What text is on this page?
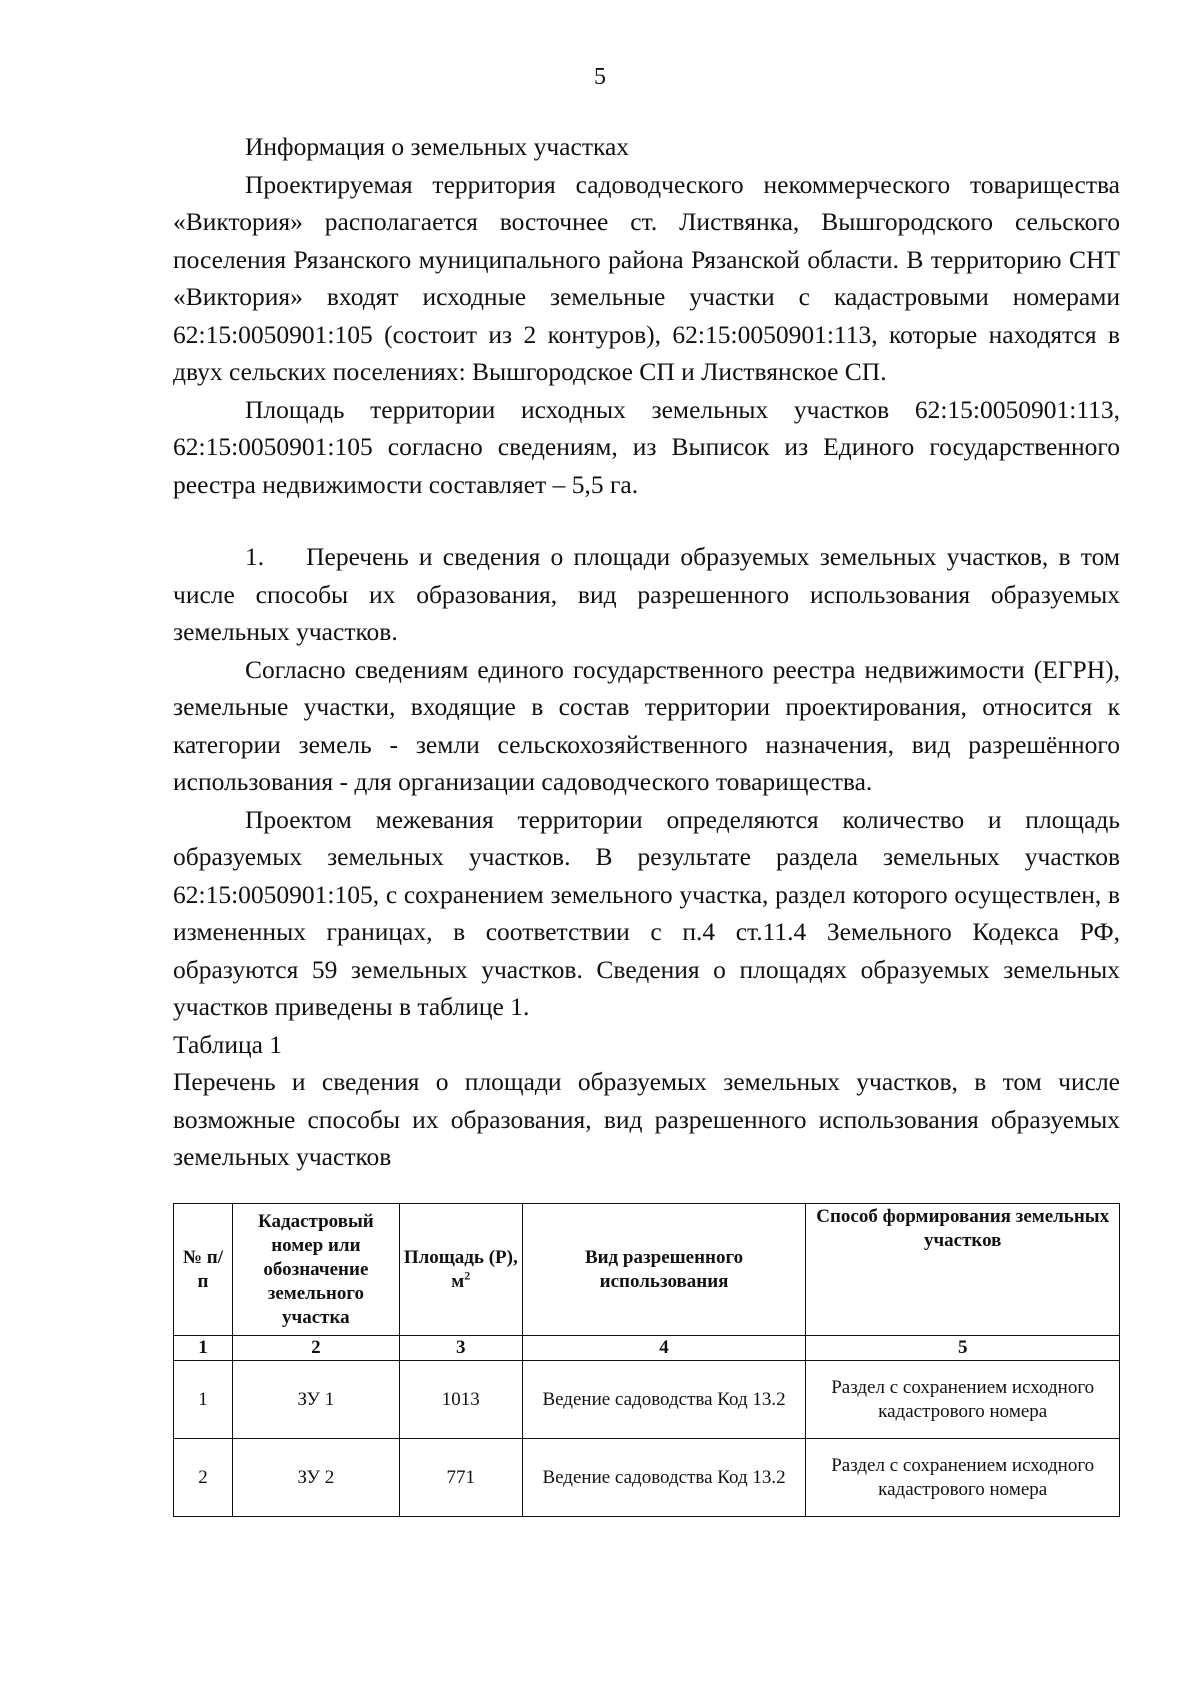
5

Информация о земельных участках

Проектируемая территория садоводческого некоммерческого товарищества «Виктория» располагается восточнее ст. Листвянка, Вышгородского сельского поселения Рязанского муниципального района Рязанской области. В территорию СНТ «Виктория» входят исходные земельные участки с кадастровыми номерами 62:15:0050901:105 (состоит из 2 контуров), 62:15:0050901:113, которые находятся в двух сельских поселениях: Вышгородское СП и Листвянское СП.

Площадь территории исходных земельных участков 62:15:0050901:113, 62:15:0050901:105 согласно сведениям, из Выписок из Единого государственного реестра недвижимости составляет – 5,5 га.

1. Перечень и сведения о площади образуемых земельных участков, в том числе способы их образования, вид разрешенного использования образуемых земельных участков.

Согласно сведениям единого государственного реестра недвижимости (ЕГРН), земельные участки, входящие в состав территории проектирования, относится к категории земель - земли сельскохозяйственного назначения, вид разрешённого использования - для организации садоводческого товарищества.

Проектом межевания территории определяются количество и площадь образуемых земельных участков. В результате раздела земельных участков 62:15:0050901:105, с сохранением земельного участка, раздел которого осуществлен, в измененных границах, в соответствии с п.4 ст.11.4 Земельного Кодекса РФ, образуются 59 земельных участков. Сведения о площадях образуемых земельных участков приведены в таблице 1.

Таблица 1

Перечень и сведения о площади образуемых земельных участков, в том числе возможные способы их образования, вид разрешенного использования образуемых земельных участков

№ п/п	Кадастровый номер или обозначение земельного участка	Площадь (Р), $м^2$	Вид разрешенного использования	Способ формирования земельных участков
1	2	3	4	5
1	ЗУ 1	1013	Ведение садоводства Код 13.2	Раздел с сохранением исходного кадастрового номера
2	ЗУ 2	771	Ведение садоводства Код 13.2	Раздел с сохранением исходного кадастрового номера
